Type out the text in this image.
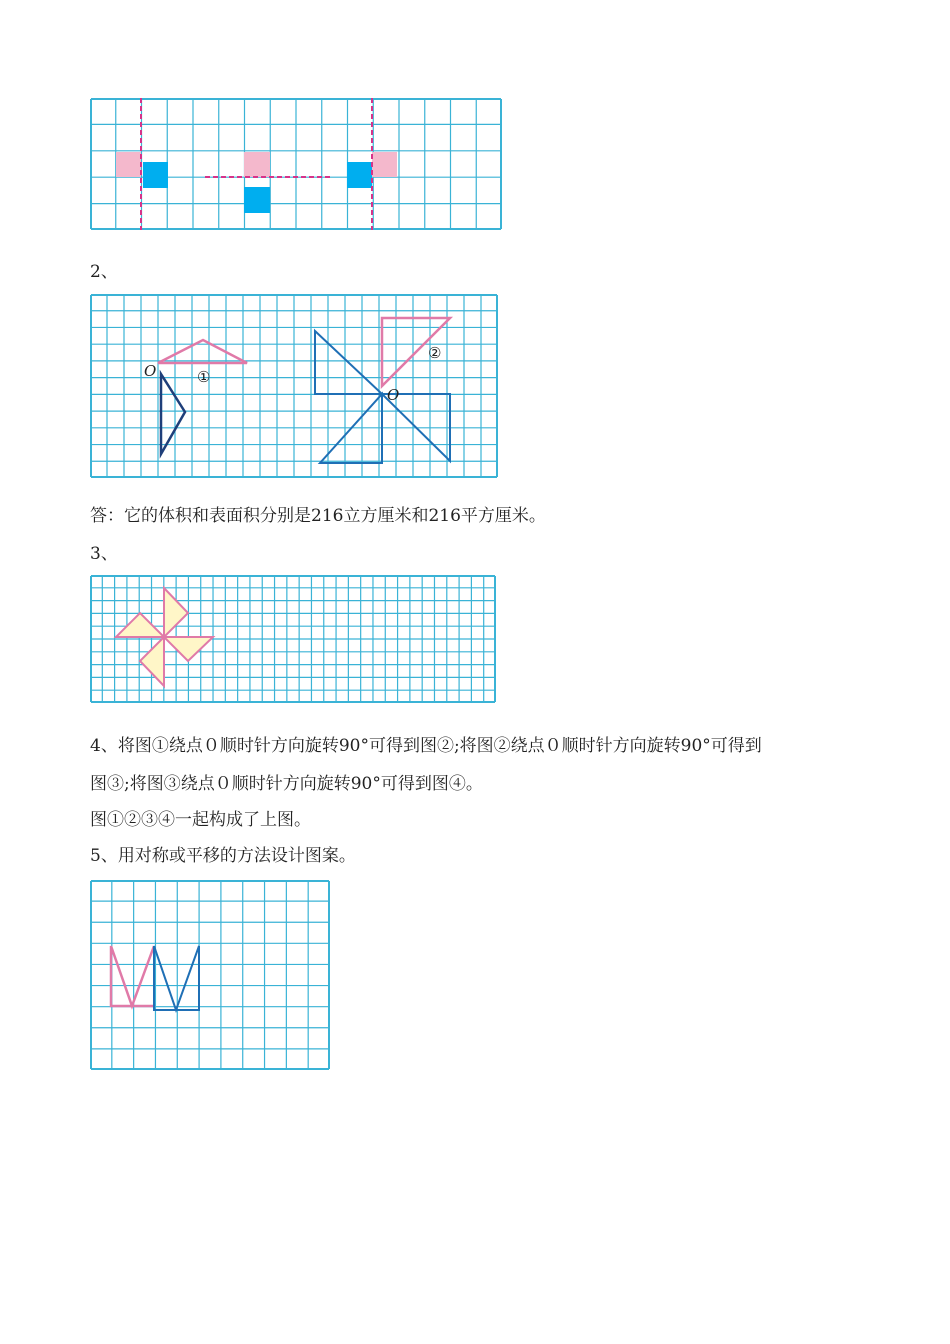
2、
O	①
O
②
答：它的体积和表面积分别是216立方厘米和216平方厘米。
3、
4、将图①绕点０顺时针方向旋转90°可得到图②;将图②绕点０顺时针方向旋转90°可得到
图③;将图③绕点０顺时针方向旋转90°可得到图④。
图①②③④一起构成了上图。
5、用对称或平移的方法设计图案。
